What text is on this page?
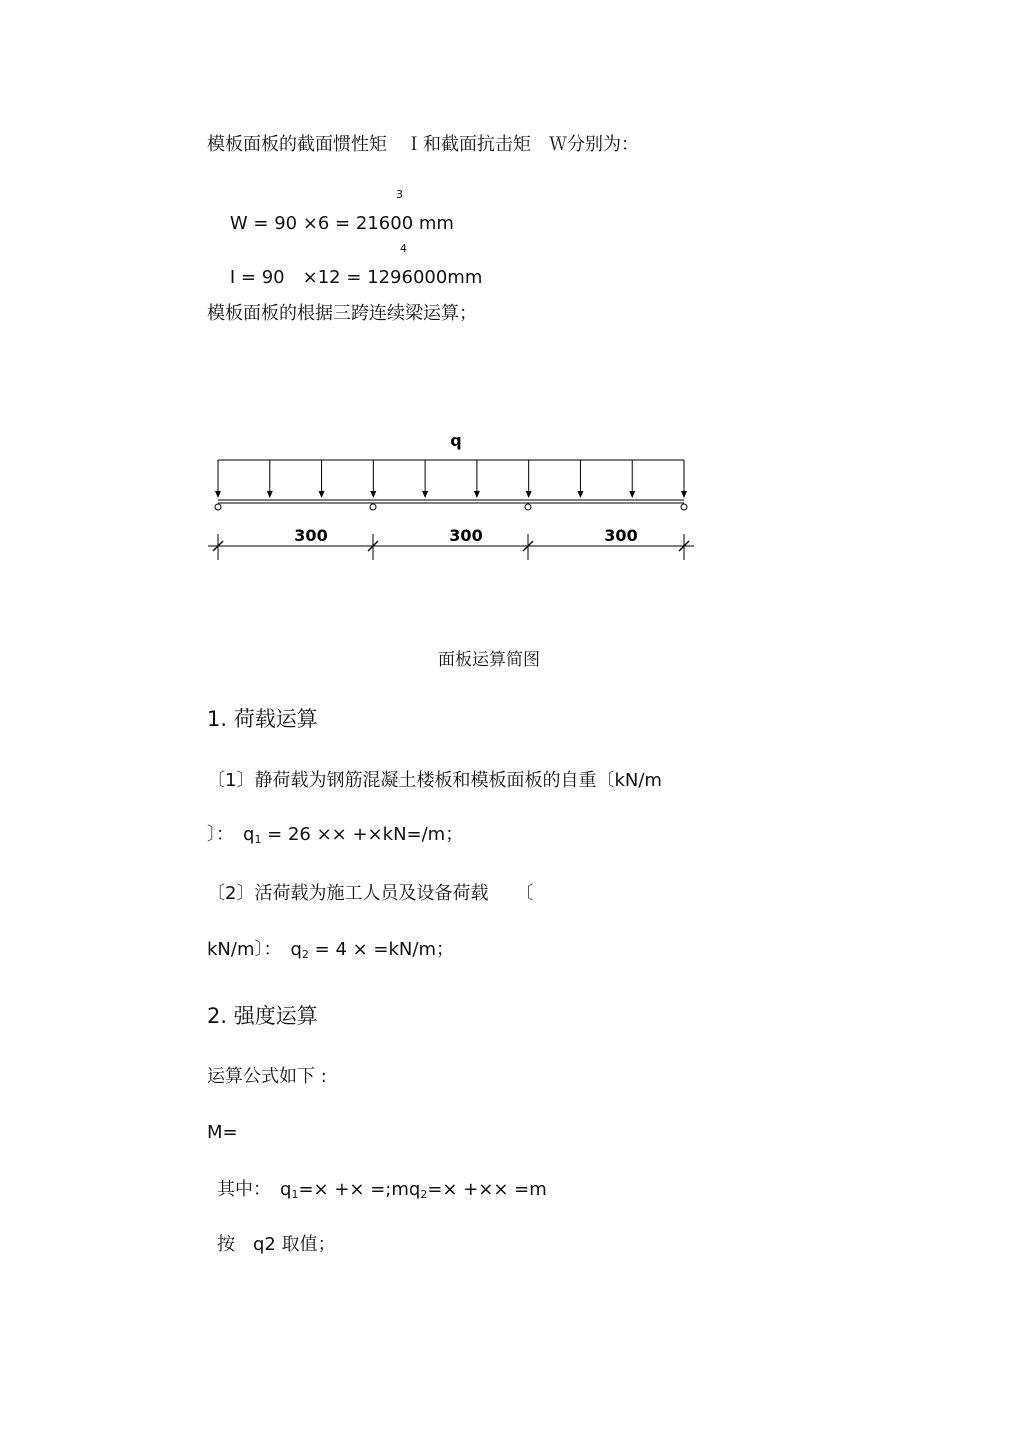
模板面板的截面惯性矩　Ｉ和截面抗击矩　Ｗ分别为：

W = 90 ×6 = 21600 mm

3

I = 90　×12 = 1296000mm

4
模板面板的根据三跨连续梁运算；
q
300	300	300
面板运算简图
1. 荷载运算
〔1〕静荷载为钢筋混凝土楼板和模板面板的自重〔kN/m
〕：　$q_1 = 26 \times\times +\times kN=/m$；
〔2〕活荷载为施工人员及设备荷载　　〔
kN/m〕：　$q_2 = 4 \times =kN/m$；
2. 强度运算
运算公式如下 :
M=
其中：　$q_1=\times$ +× $=;mq_2=\times$ +×× =m
按　q2 取值；
